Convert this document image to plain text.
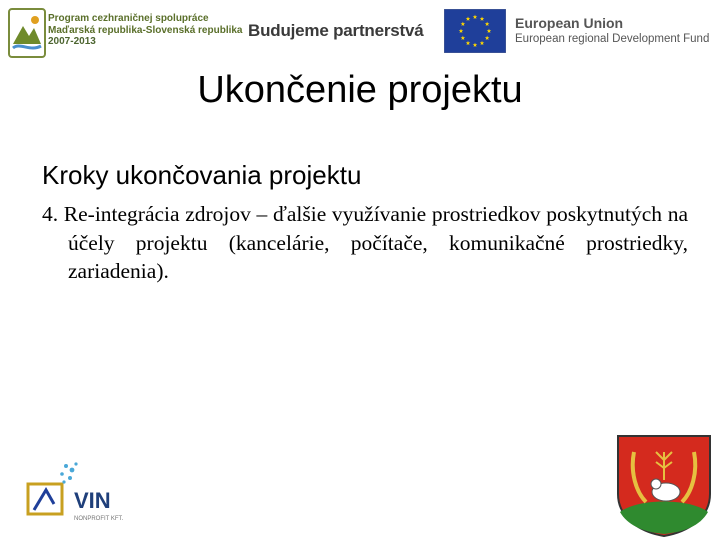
Program cezhraničnej spolupráce
Maďarská republika-Slovenská republika
2007-2013
Budujeme partnerstvá	European Union
European regional Development Fund
Ukončenie projektu
Kroky ukončovania projektu
4. Re-integrácia zdrojov – ďalšie využívanie prostriedkov poskytnutých na účely projektu (kancelárie, počítače, komunikačné prostriedky, zariadenia).
VIN
NONPROFIT KFT.
